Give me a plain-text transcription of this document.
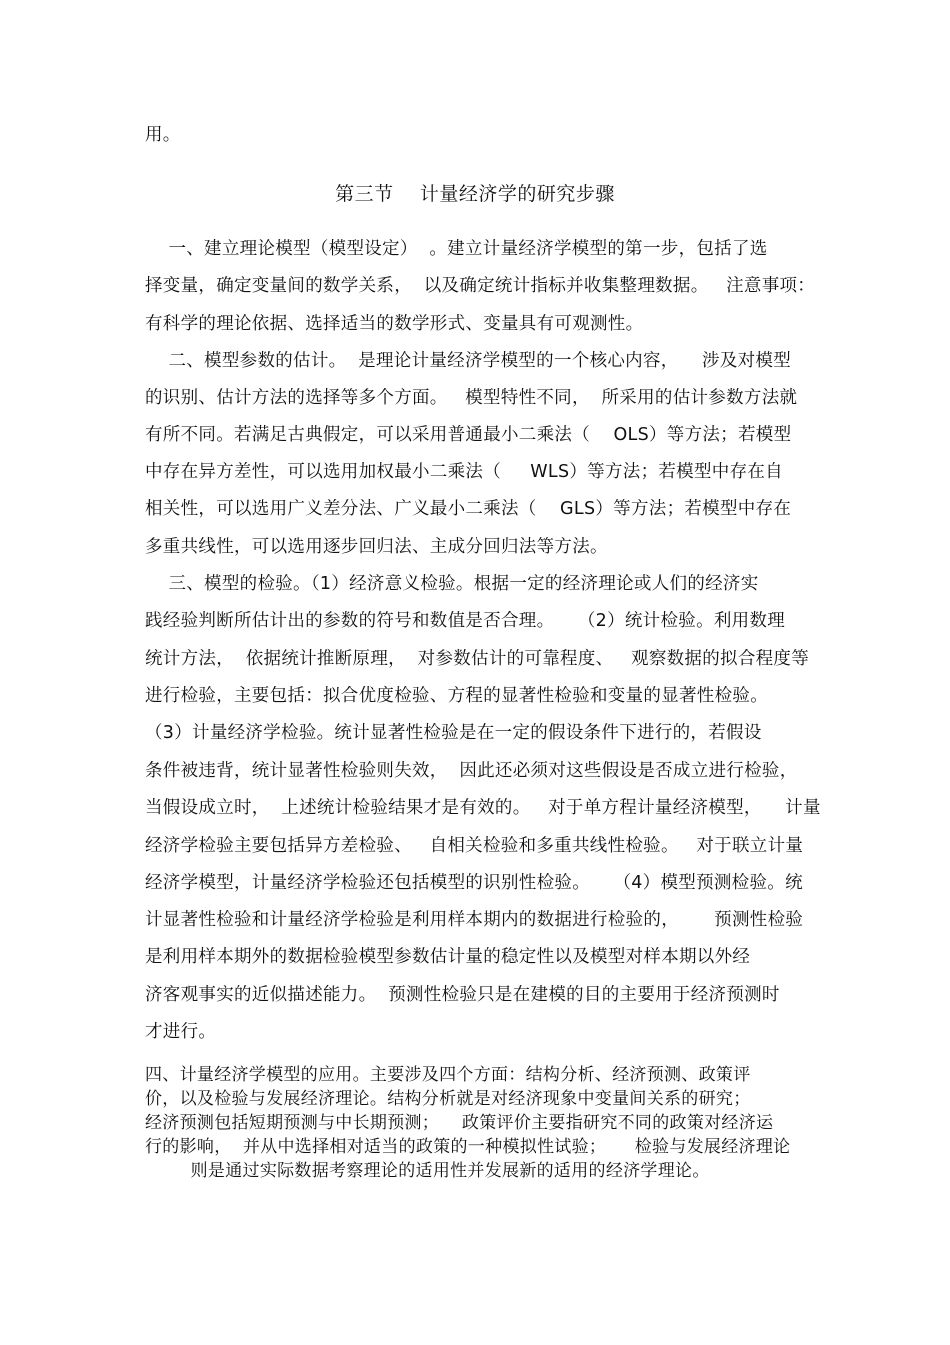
用。
第三节    计量经济学的研究步骤
一、建立理论模型（模型设定）  。建立计量经济学模型的第一步，包括了选
择变量，确定变量间的数学关系，  以及确定统计指标并收集整理数据。   注意事项：
有科学的理论依据、选择适当的数学形式、变量具有可观测性。
二、模型参数的估计。  是理论计量经济学模型的一个核心内容，    涉及对模型
的识别、估计方法的选择等多个方面。   模型特性不同，  所采用的估计参数方法就
有所不同。若满足古典假定，可以采用普通最小二乘法（    OLS）等方法；若模型
中存在异方差性，可以选用加权最小二乘法（     WLS）等方法；若模型中存在自
相关性，可以选用广义差分法、广义最小二乘法（    GLS）等方法；若模型中存在
多重共线性，可以选用逐步回归法、主成分回归法等方法。
三、模型的检验。（1）经济意义检验。根据一定的经济理论或人们的经济实
践经验判断所估计出的参数的符号和数值是否合理。    （2）统计检验。利用数理
统计方法，  依据统计推断原理，  对参数估计的可靠程度、   观察数据的拟合程度等
进行检验，主要包括：拟合优度检验、方程的显著性检验和变量的显著性检验。
（3）计量经济学检验。统计显著性检验是在一定的假设条件下进行的，若假设
条件被违背，统计显著性检验则失效，  因此还必须对这些假设是否成立进行检验，
当假设成立时，  上述统计检验结果才是有效的。   对于单方程计量经济模型，    计量
经济学检验主要包括异方差检验、   自相关检验和多重共线性检验。   对于联立计量
经济学模型，计量经济学检验还包括模型的识别性检验。    （4）模型预测检验。统
计显著性检验和计量经济学检验是利用样本期内的数据进行检验的，      预测性检验
是利用样本期外的数据检验模型参数估计量的稳定性以及模型对样本期以外经
济客观事实的近似描述能力。  预测性检验只是在建模的目的主要用于经济预测时
才进行。
四、计量经济学模型的应用。主要涉及四个方面：结构分析、经济预测、政策评
价，以及检验与发展经济理论。结构分析就是对经济现象中变量间关系的研究；
经济预测包括短期预测与中长期预测；    政策评价主要指研究不同的政策对经济运
行的影响，  并从中选择相对适当的政策的一种模拟性试验；     检验与发展经济理论
则是通过实际数据考察理论的适用性并发展新的适用的经济学理论。
